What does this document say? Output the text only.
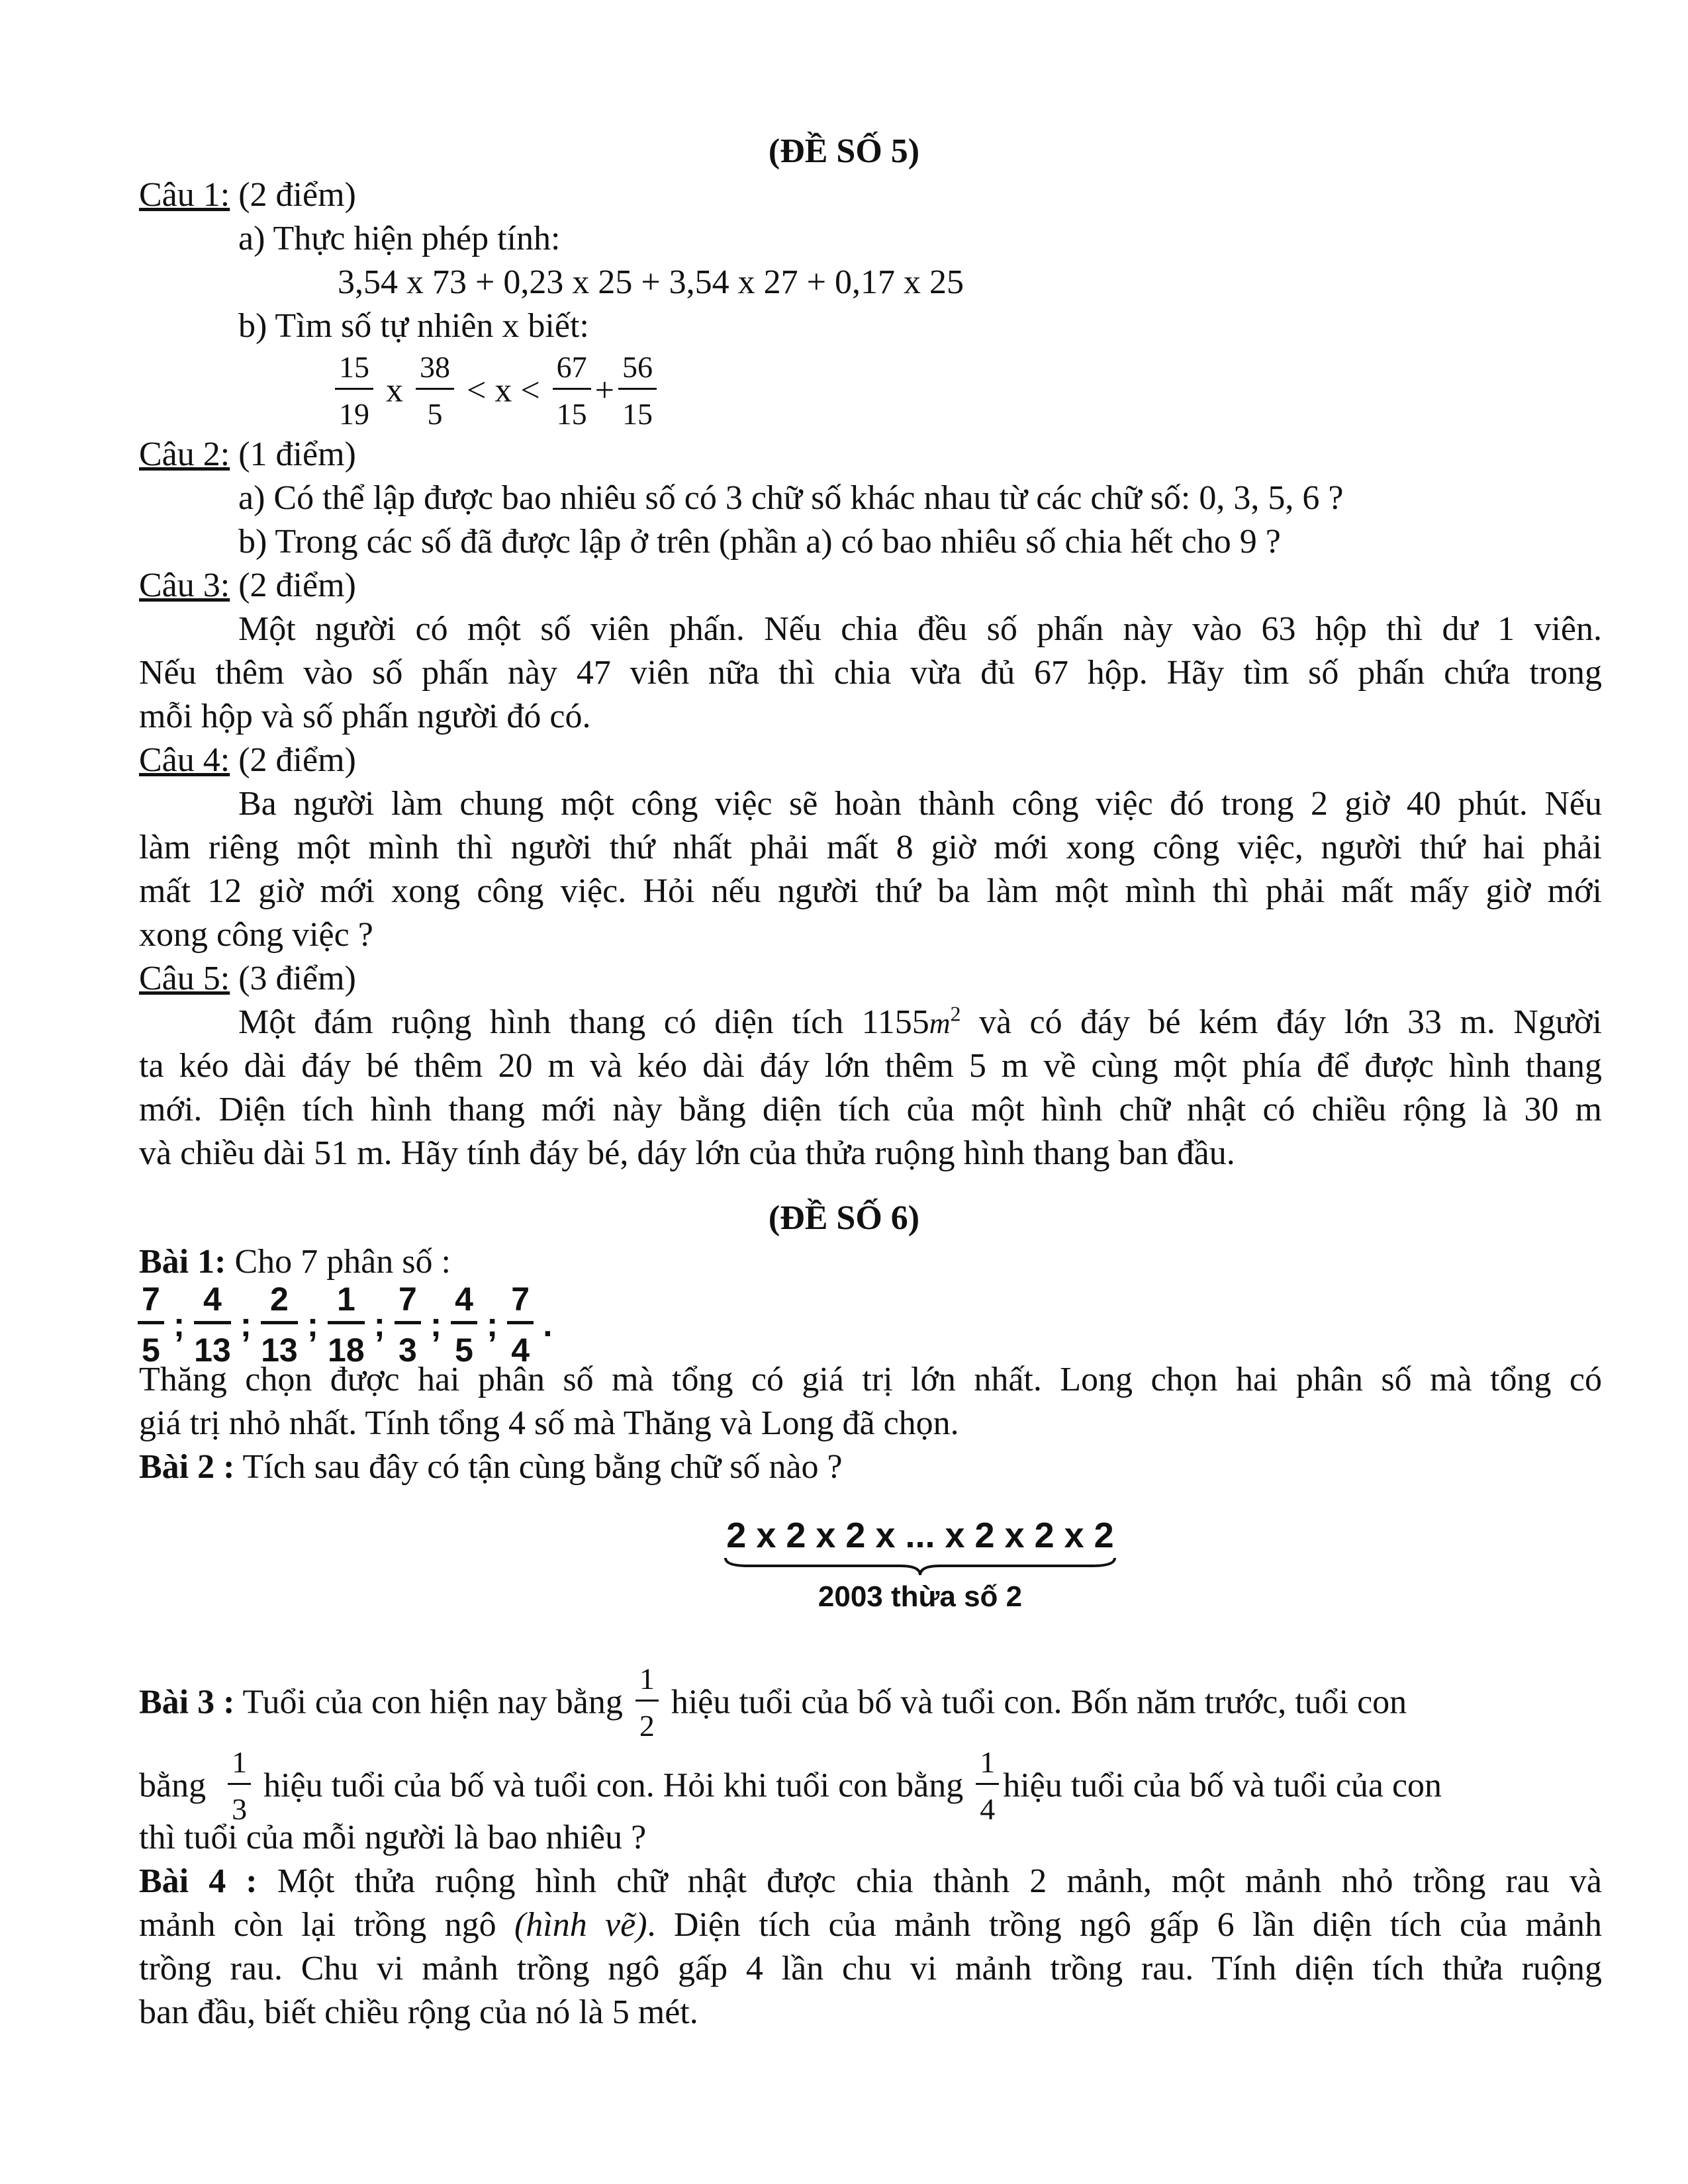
(ĐỀ SỐ 5)
Câu 1: (2 điểm)
a) Thực hiện phép tính:
3,54 x 73 + 0,23 x 25 + 3,54 x 27 + 0,17 x 25
b) Tìm số tự nhiên x biết:
$\frac{15}{19}$ x $\frac{38}{5} < x < \frac{67}{15} + \frac{56}{15}$
Câu 2: (1 điểm)
a) Có thể lập được bao nhiêu số có 3 chữ số khác nhau từ các chữ số: 0, 3, 5, 6 ?
b) Trong các số đã được lập ở trên (phần a) có bao nhiêu số chia hết cho 9 ?
Câu 3: (2 điểm)
Một người có một số viên phấn. Nếu chia đều số phấn này vào 63 hộp thì dư 1 viên.
Nếu thêm vào số phấn này 47 viên nữa thì chia vừa đủ 67 hộp. Hãy tìm số phấn chứa trong
mỗi hộp và số phấn người đó có.
Câu 4: (2 điểm)
Ba người làm chung một công việc sẽ hoàn thành công việc đó trong 2 giờ 40 phút. Nếu
làm riêng một mình thì người thứ nhất phải mất 8 giờ mới xong công việc, người thứ hai phải
mất 12 giờ mới xong công việc. Hỏi nếu người thứ ba làm một mình thì phải mất mấy giờ mới
xong công việc ?
Câu 5: (3 điểm)
Một đám ruộng hình thang có diện tích $1155m^2$ và có đáy bé kém đáy lớn 33 m. Người
ta kéo dài đáy bé thêm 20 m và kéo dài đáy lớn thêm 5 m về cùng một phía để được hình thang
mới. Diện tích hình thang mới này bằng diện tích của một hình chữ nhật có chiều rộng là 30 m
và chiều dài 51 m. Hãy tính đáy bé, dáy lớn của thửa ruộng hình thang ban đầu.
(ĐỀ SỐ 6)
Bài 1: Cho 7 phân số :
$\frac{7}{5}$ ; $\frac{4}{13}$ ; $\frac{2}{13}$ ; $\frac{1}{18}$ ; $\frac{7}{3}$ ; $\frac{4}{5}$ ; $\frac{7}{4}$ .
Thăng chọn được hai phân số mà tổng có giá trị lớn nhất. Long chọn hai phân số mà tổng có
giá trị nhỏ nhất. Tính tổng 4 số mà Thăng và Long đã chọn.
Bài 2 : Tích sau đây có tận cùng bằng chữ số nào ?
2 x 2 x 2 x ... x 2 x 2 x 2
2003 thừa số 2
Bài 3 : Tuổi của con hiện nay bằng $\frac{1}{2}$ hiệu tuổi của bố và tuổi con. Bốn năm trước, tuổi con
bằng $\frac{1}{3}$ hiệu tuổi của bố và tuổi con. Hỏi khi tuổi con bằng $\frac{1}{4}$ hiệu tuổi của bố và tuổi của con
thì tuổi của mỗi người là bao nhiêu ?
Bài 4 : Một thửa ruộng hình chữ nhật được chia thành 2 mảnh, một mảnh nhỏ trồng rau và
mảnh còn lại trồng ngô (hình vẽ). Diện tích của mảnh trồng ngô gấp 6 lần diện tích của mảnh
trồng rau. Chu vi mảnh trồng ngô gấp 4 lần chu vi mảnh trồng rau. Tính diện tích thửa ruộng
ban đầu, biết chiều rộng của nó là 5 mét.
